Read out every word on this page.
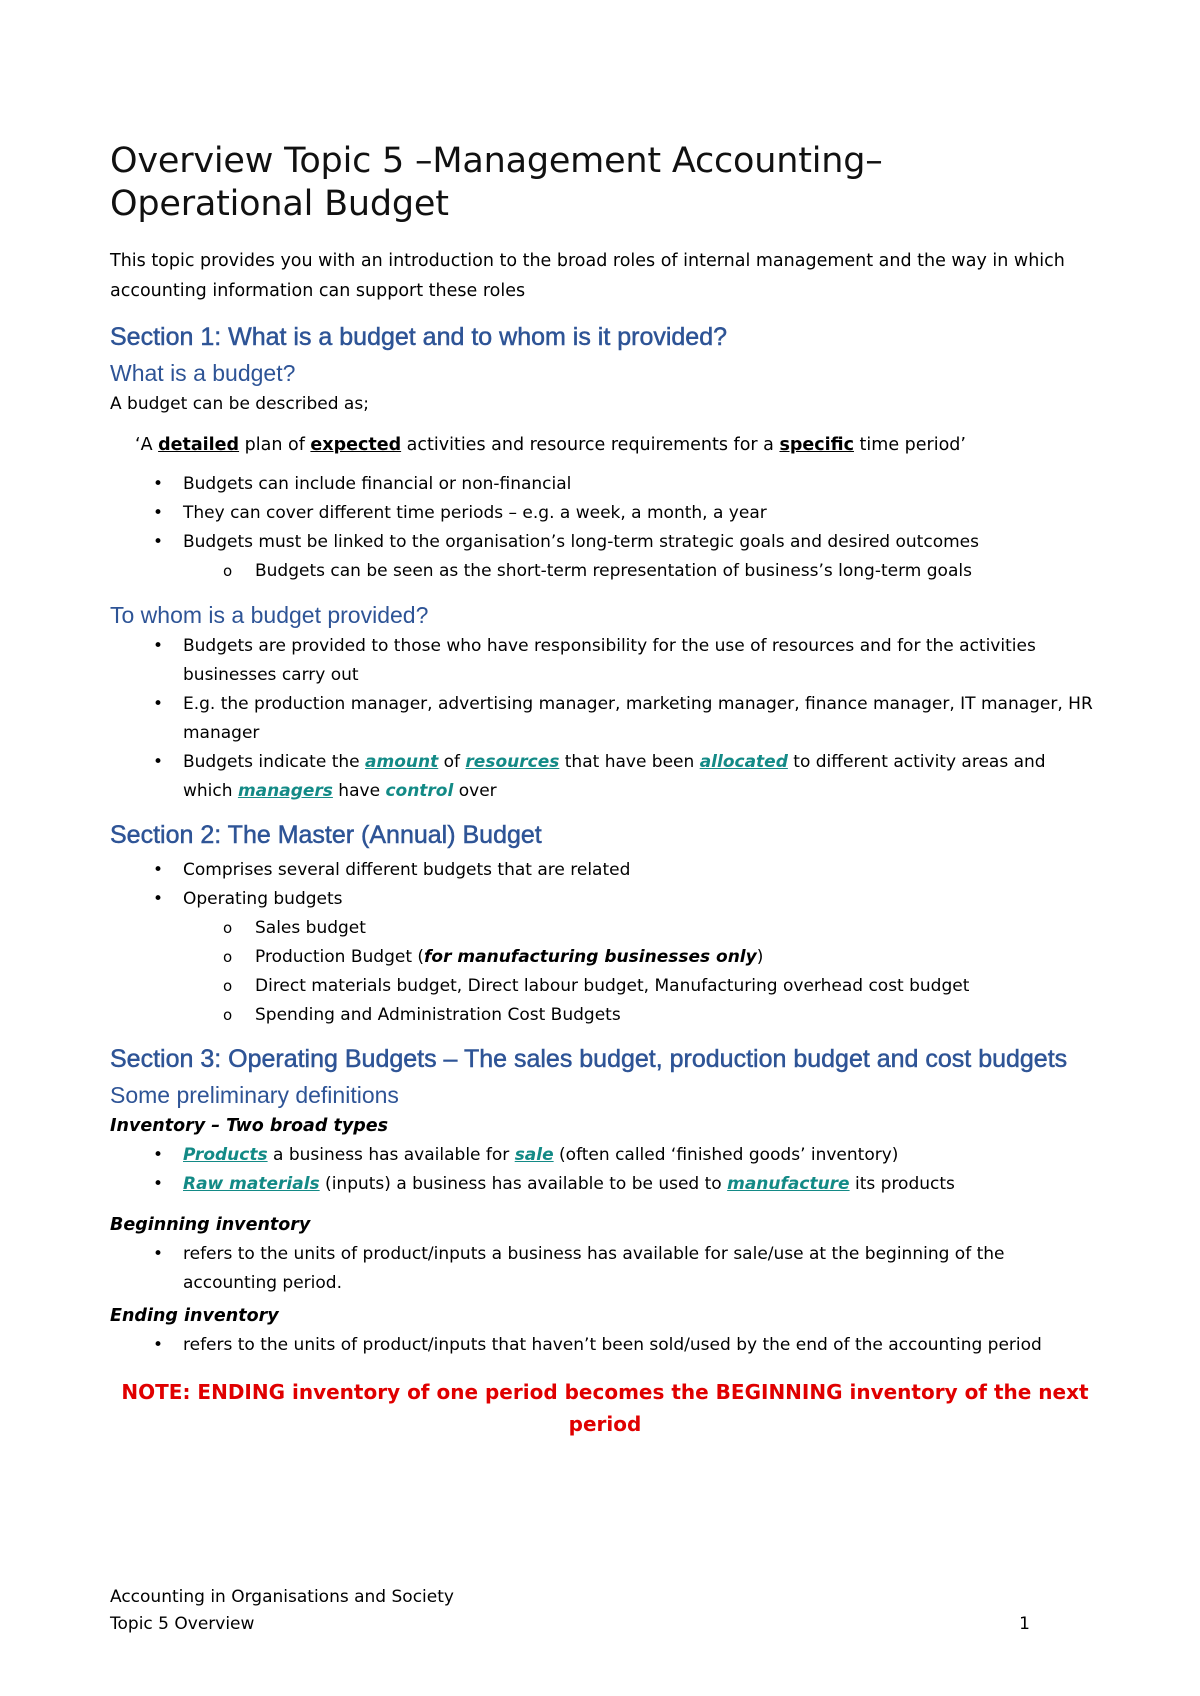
Overview Topic 5 –Management Accounting–
Operational Budget

This topic provides you with an introduction to the broad roles of internal management and the way in which accounting information can support these roles

Section 1: What is a budget and to whom is it provided?
What is a budget?

A budget can be described as;

‘A detailed plan of expected activities and resource requirements for a specific time period’

• Budgets can include financial or non-financial
• They can cover different time periods – e.g. a week, a month, a year
• Budgets must be linked to the organisation’s long-term strategic goals and desired outcomes
o Budgets can be seen as the short-term representation of business’s long-term goals
To whom is a budget provided?
• Budgets are provided to those who have responsibility for the use of resources and for the activities businesses carry out
• E.g. the production manager, advertising manager, marketing manager, finance manager, IT manager, HR manager
• Budgets indicate the amount of resources that have been allocated to different activity areas and which managers have control over
Section 2: The Master (Annual) Budget
• Comprises several different budgets that are related
• Operating budgets
o Sales budget
o Production Budget (for manufacturing businesses only)
o Direct materials budget, Direct labour budget, Manufacturing overhead cost budget
o Spending and Administration Cost Budgets
Section 3: Operating Budgets – The sales budget, production budget and cost budgets
Some preliminary definitions

Inventory – Two broad types

• Products a business has available for sale (often called ‘finished goods’ inventory)
• Raw materials (inputs) a business has available to be used to manufacture its products

Beginning inventory

• refers to the units of product/inputs a business has available for sale/use at the beginning of the accounting period.

Ending inventory

• refers to the units of product/inputs that haven’t been sold/used by the end of the accounting period

NOTE: ENDING inventory of one period becomes the BEGINNING inventory of the next period

Accounting in Organisations and Society
Topic 5 Overview	1
